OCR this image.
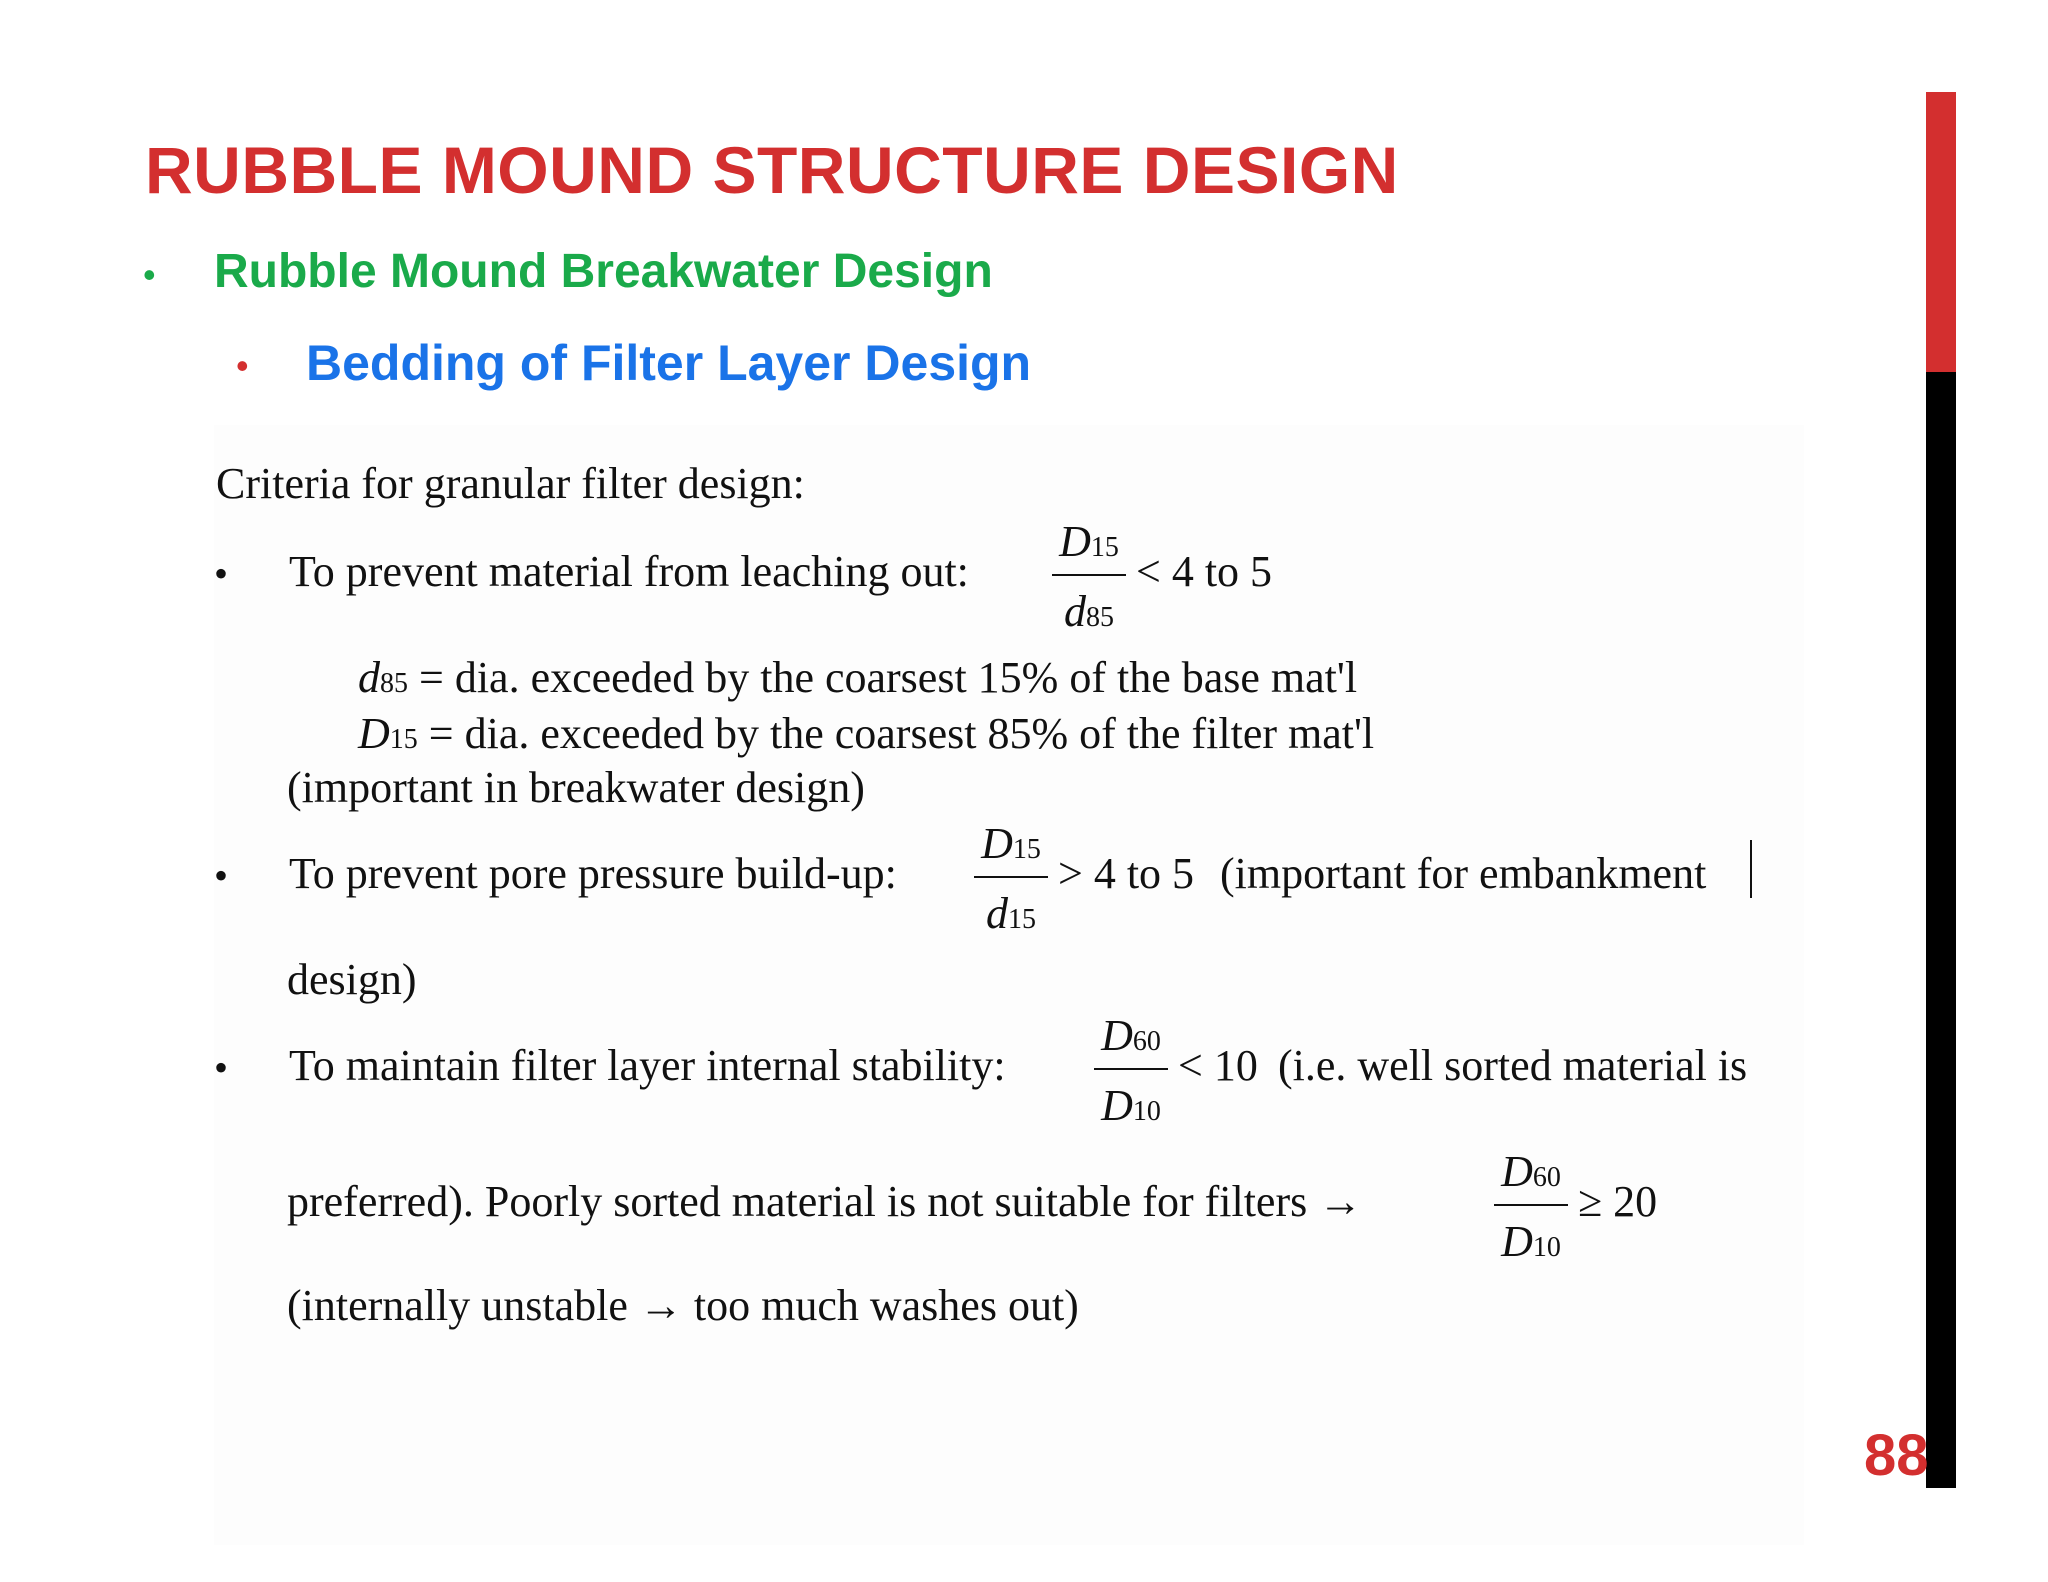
RUBBLE MOUND STRUCTURE DESIGN
• Rubble Mound Breakwater Design
• Bedding of Filter Layer Design
Criteria for granular filter design:
• To prevent material from leaching out:
D15
d85
< 4 to 5
d85 = dia. exceeded by the coarsest 15% of the base mat'l
D15 = dia. exceeded by the coarsest 85% of the filter mat'l
(important in breakwater design)
• To prevent pore pressure build-up:
D15
d15
> 4 to 5 (important for embankment
design)
• To maintain filter layer internal stability:
D60
D10
< 10 (i.e. well sorted material is
preferred). Poorly sorted material is not suitable for filters →
D60
D10
≥ 20
(internally unstable → too much washes out)
88
